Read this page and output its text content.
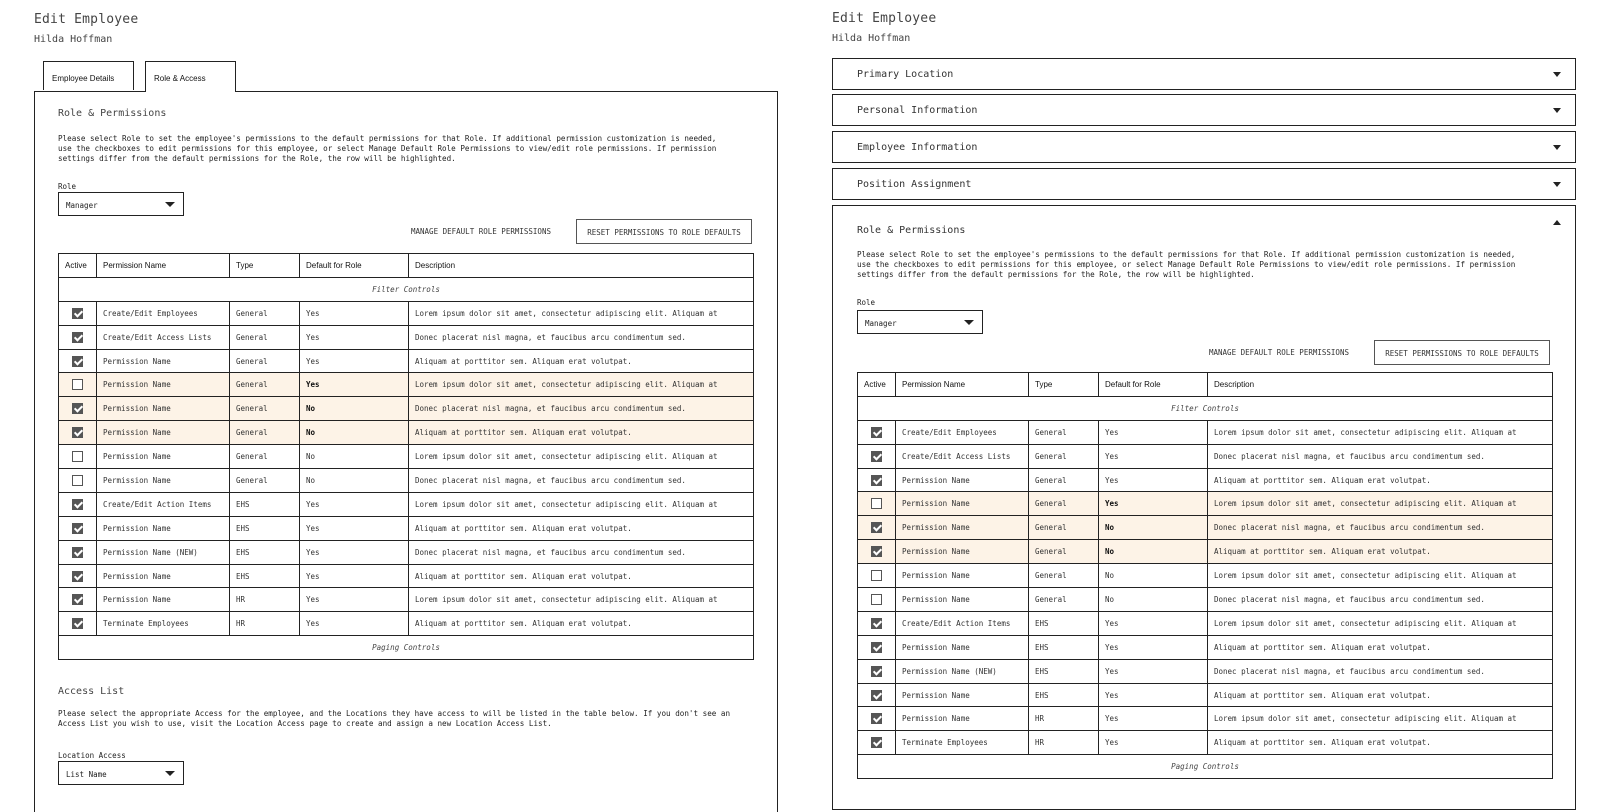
Edit Employee
Hilda Hoffman
Employee Details	Role & Access
Role & Permissions
Please select Role to set the employee's permissions to the default permissions for that Role. If additional permission customization is needed,
use the checkboxes to edit permissions for this employee, or select Manage Default Role Permissions to view/edit role permissions. If permission
settings differ from the default permissions for the Role, the row will be highlighted.
Role
Manager
MANAGE DEFAULT ROLE PERMISSIONS	RESET PERMISSIONS TO ROLE DEFAULTS
Active	Permission Name	Type	Default for Role	Description
Filter Controls				
	Create/Edit Employees	General	Yes	Lorem ipsum dolor sit amet, consectetur adipiscing elit. Aliquam at
	Create/Edit Access Lists	General	Yes	Donec placerat nisl magna, et faucibus arcu condimentum sed.
	Permission Name	General	Yes	Aliquam at porttitor sem. Aliquam erat volutpat.
	Permission Name	General	Yes	Lorem ipsum dolor sit amet, consectetur adipiscing elit. Aliquam at
	Permission Name	General	No	Donec placerat nisl magna, et faucibus arcu condimentum sed.
	Permission Name	General	No	Aliquam at porttitor sem. Aliquam erat volutpat.
	Permission Name	General	No	Lorem ipsum dolor sit amet, consectetur adipiscing elit. Aliquam at
	Permission Name	General	No	Donec placerat nisl magna, et faucibus arcu condimentum sed.
	Create/Edit Action Items	EHS	Yes	Lorem ipsum dolor sit amet, consectetur adipiscing elit. Aliquam at
	Permission Name	EHS	Yes	Aliquam at porttitor sem. Aliquam erat volutpat.
	Permission Name (NEW)	EHS	Yes	Donec placerat nisl magna, et faucibus arcu condimentum sed.
	Permission Name	EHS	Yes	Aliquam at porttitor sem. Aliquam erat volutpat.
	Permission Name	HR	Yes	Lorem ipsum dolor sit amet, consectetur adipiscing elit. Aliquam at
	Terminate Employees	HR	Yes	Aliquam at porttitor sem. Aliquam erat volutpat.
Paging Controls				
Access List
Please select the appropriate Access for the employee, and the Locations they have access to will be listed in the table below. If you don't see an
Access List you wish to use, visit the Location Access page to create and assign a new Location Access List.
Location Access
List Name
Edit Employee
Hilda Hoffman
Primary Location
Personal Information
Employee Information
Position Assignment
Role & Permissions
Please select Role to set the employee's permissions to the default permissions for that Role. If additional permission customization is needed,
use the checkboxes to edit permissions for this employee, or select Manage Default Role Permissions to view/edit role permissions. If permission
settings differ from the default permissions for the Role, the row will be highlighted.
Role
Manager
MANAGE DEFAULT ROLE PERMISSIONS	RESET PERMISSIONS TO ROLE DEFAULTS
Active	Permission Name	Type	Default for Role	Description
Filter Controls				
	Create/Edit Employees	General	Yes	Lorem ipsum dolor sit amet, consectetur adipiscing elit. Aliquam at
	Create/Edit Access Lists	General	Yes	Donec placerat nisl magna, et faucibus arcu condimentum sed.
	Permission Name	General	Yes	Aliquam at porttitor sem. Aliquam erat volutpat.
	Permission Name	General	Yes	Lorem ipsum dolor sit amet, consectetur adipiscing elit. Aliquam at
	Permission Name	General	No	Donec placerat nisl magna, et faucibus arcu condimentum sed.
	Permission Name	General	No	Aliquam at porttitor sem. Aliquam erat volutpat.
	Permission Name	General	No	Lorem ipsum dolor sit amet, consectetur adipiscing elit. Aliquam at
	Permission Name	General	No	Donec placerat nisl magna, et faucibus arcu condimentum sed.
	Create/Edit Action Items	EHS	Yes	Lorem ipsum dolor sit amet, consectetur adipiscing elit. Aliquam at
	Permission Name	EHS	Yes	Aliquam at porttitor sem. Aliquam erat volutpat.
	Permission Name (NEW)	EHS	Yes	Donec placerat nisl magna, et faucibus arcu condimentum sed.
	Permission Name	EHS	Yes	Aliquam at porttitor sem. Aliquam erat volutpat.
	Permission Name	HR	Yes	Lorem ipsum dolor sit amet, consectetur adipiscing elit. Aliquam at
	Terminate Employees	HR	Yes	Aliquam at porttitor sem. Aliquam erat volutpat.
Paging Controls				
